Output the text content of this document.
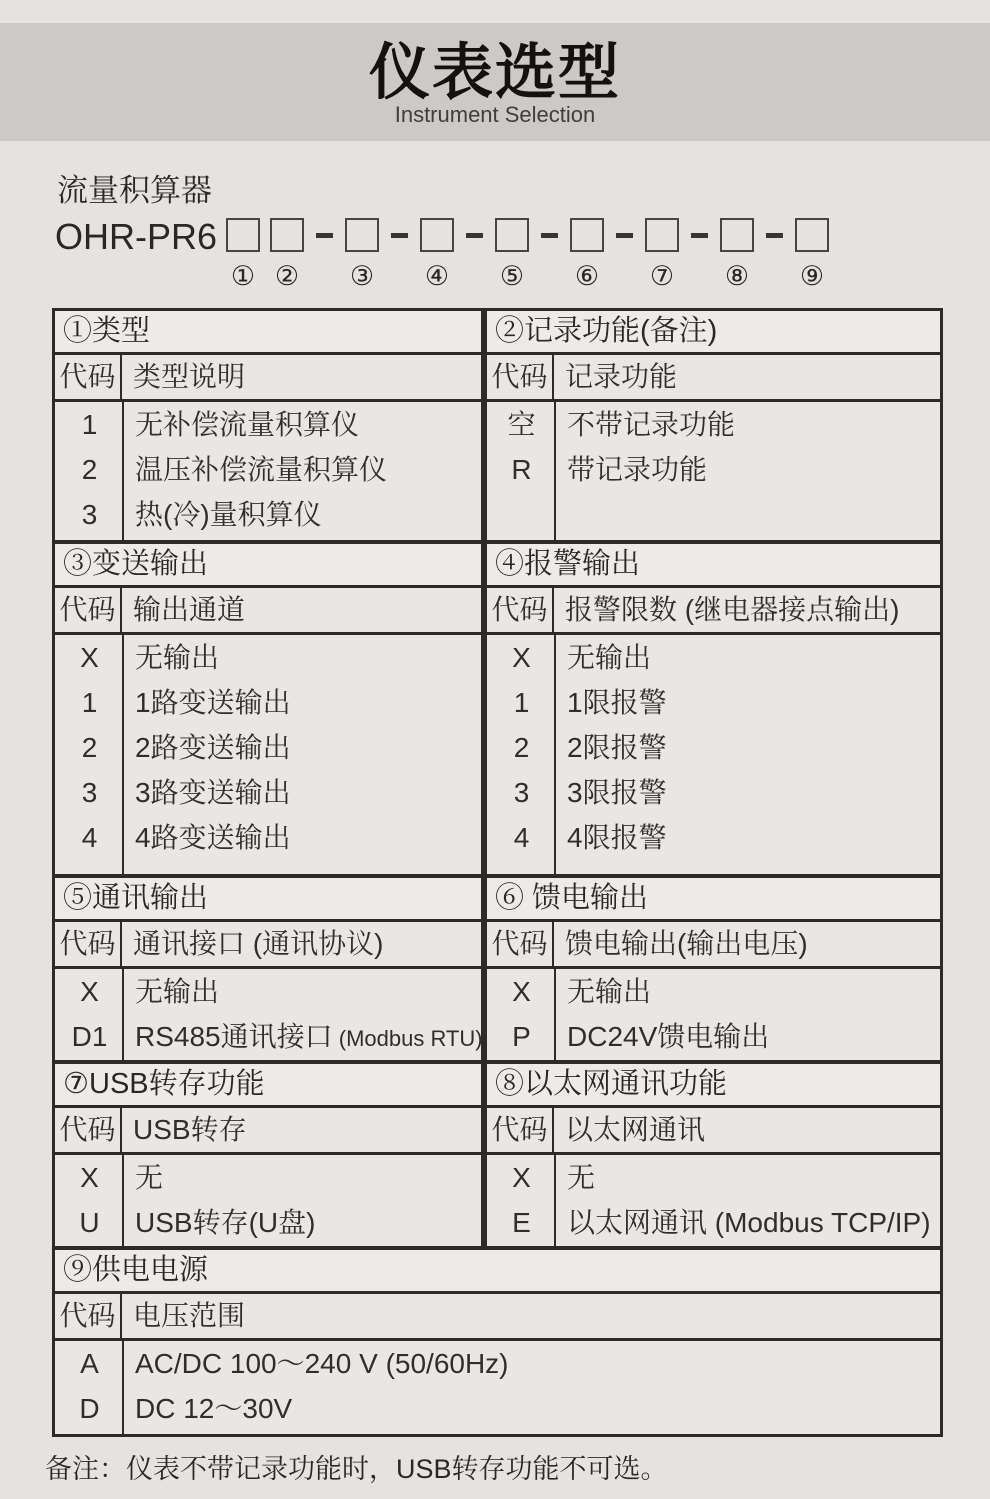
仪表选型
Instrument Selection
流量积算器
OHR-PR6
① ② ③ ④ ⑤ ⑥ ⑦ ⑧ ⑨
①类型
代码 类型说明
1	无补偿流量积算仪
2	温压补偿流量积算仪
3	热(冷)量积算仪
②记录功能(备注)
代码 记录功能
空	不带记录功能
R	带记录功能
③变送输出
代码 输出通道
X	无输出
1	1路变送输出
2	2路变送输出
3	3路变送输出
4	4路变送输出
④报警输出
代码 报警限数 (继电器接点输出)
X	无输出
1	1限报警
2	2限报警
3	3限报警
4	4限报警
⑤通讯输出
代码 通讯接口 (通讯协议)
X	无输出
D1 RS485通讯接口 (Modbus RTU)
⑥ 馈电输出
代码 馈电输出(输出电压)
X	无输出
P	DC24V馈电输出
⑦USB转存功能
代码 USB转存
X	无
U	USB转存(U盘)
⑧以太网通讯功能
代码 以太网通讯
X	无
E	以太网通讯 (Modbus TCP/IP)
⑨供电电源
代码 电压范围
A	AC/DC 100～240 V (50/60Hz)
D	DC 12～30V
备注：仪表不带记录功能时，USB转存功能不可选。
